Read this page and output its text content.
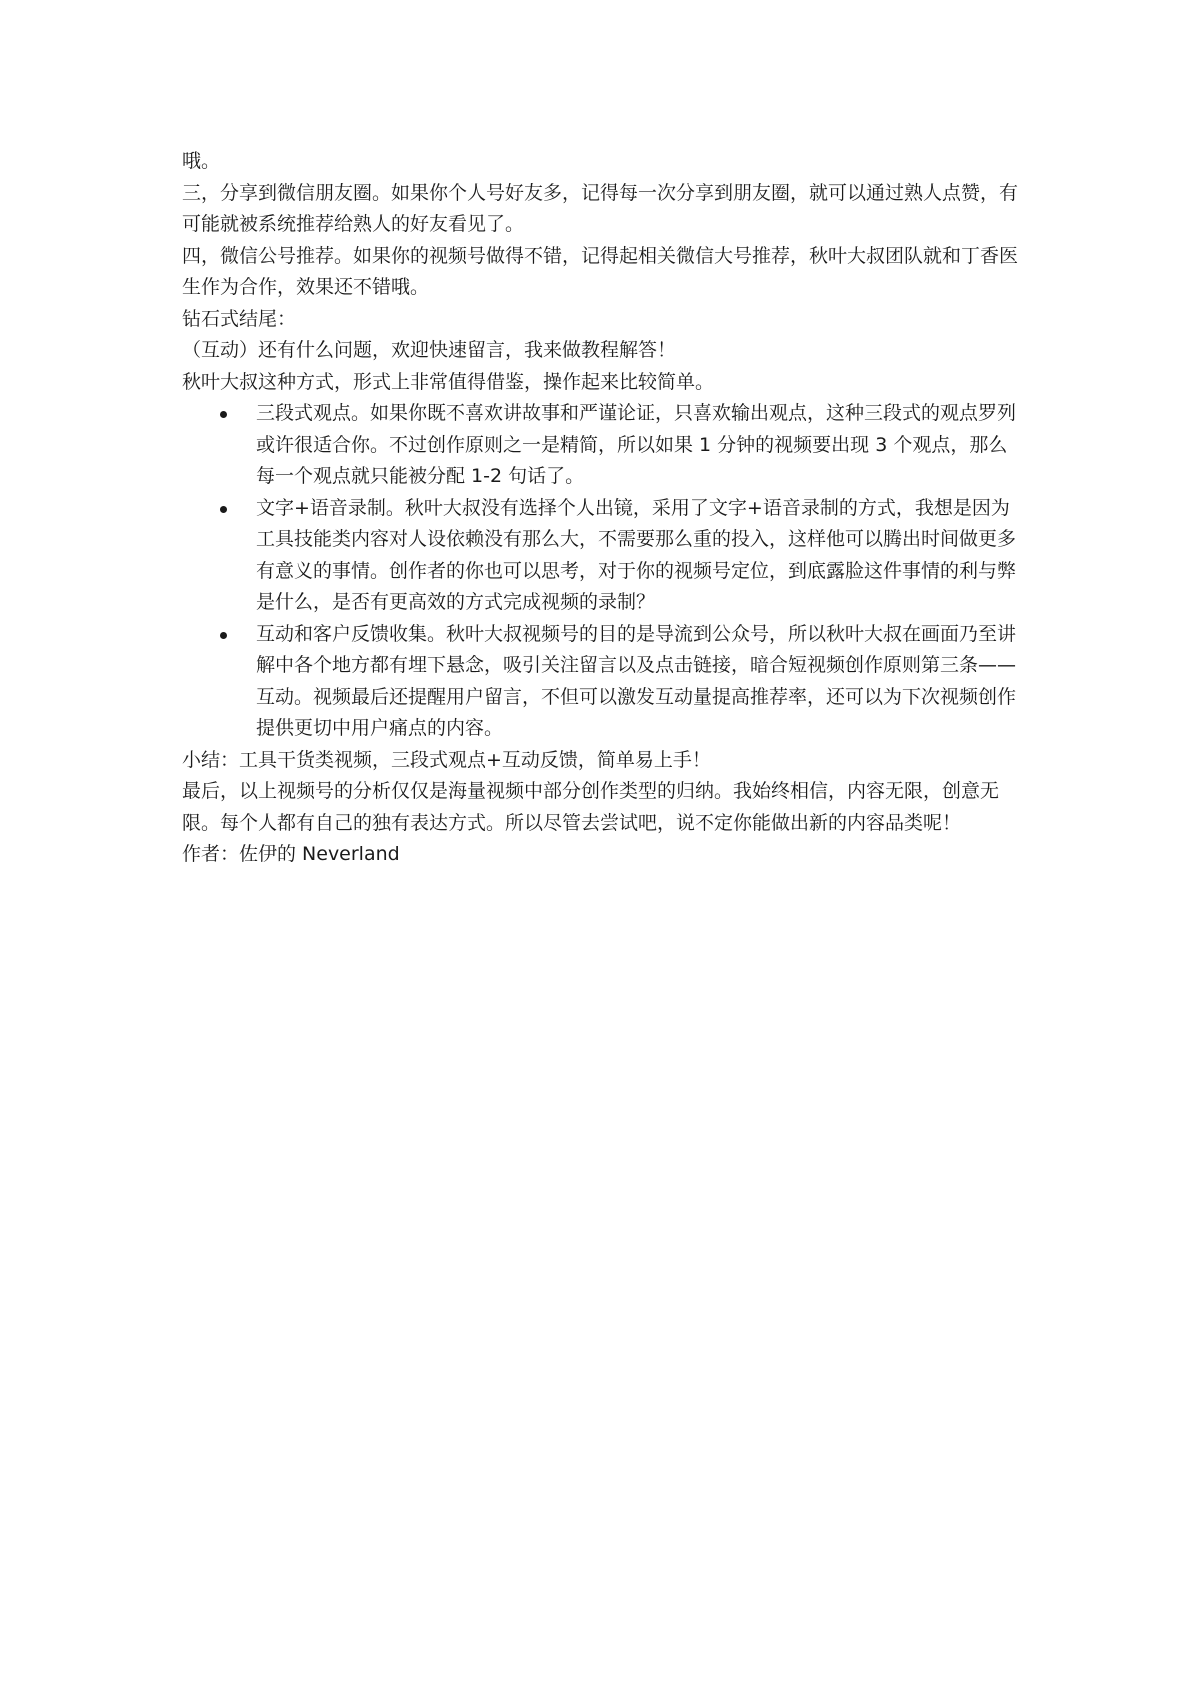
哦。

三，分享到微信朋友圈。如果你个人号好友多，记得每一次分享到朋友圈，就可以通过熟人点赞，有可能就被系统推荐给熟人的好友看见了。

四，微信公号推荐。如果你的视频号做得不错，记得起相关微信大号推荐，秋叶大叔团队就和丁香医生作为合作，效果还不错哦。

钻石式结尾：

（互动）还有什么问题，欢迎快速留言，我来做教程解答！

秋叶大叔这种方式，形式上非常值得借鉴，操作起来比较简单。

三段式观点。如果你既不喜欢讲故事和严谨论证，只喜欢输出观点，这种三段式的观点罗列或许很适合你。不过创作原则之一是精简，所以如果 1 分钟的视频要出现 3 个观点，那么每一个观点就只能被分配 1-2 句话了。
文字+语音录制。秋叶大叔没有选择个人出镜，采用了文字+语音录制的方式，我想是因为工具技能类内容对人设依赖没有那么大，不需要那么重的投入，这样他可以腾出时间做更多有意义的事情。创作者的你也可以思考，对于你的视频号定位，到底露脸这件事情的利与弊是什么，是否有更高效的方式完成视频的录制？
互动和客户反馈收集。秋叶大叔视频号的目的是导流到公众号，所以秋叶大叔在画面乃至讲解中各个地方都有埋下悬念，吸引关注留言以及点击链接，暗合短视频创作原则第三条——互动。视频最后还提醒用户留言，不但可以激发互动量提高推荐率，还可以为下次视频创作提供更切中用户痛点的内容。

小结：工具干货类视频，三段式观点+互动反馈，简单易上手！

最后，以上视频号的分析仅仅是海量视频中部分创作类型的归纳。我始终相信，内容无限，创意无限。每个人都有自己的独有表达方式。所以尽管去尝试吧，说不定你能做出新的内容品类呢！

作者：佐伊的 Neverland
